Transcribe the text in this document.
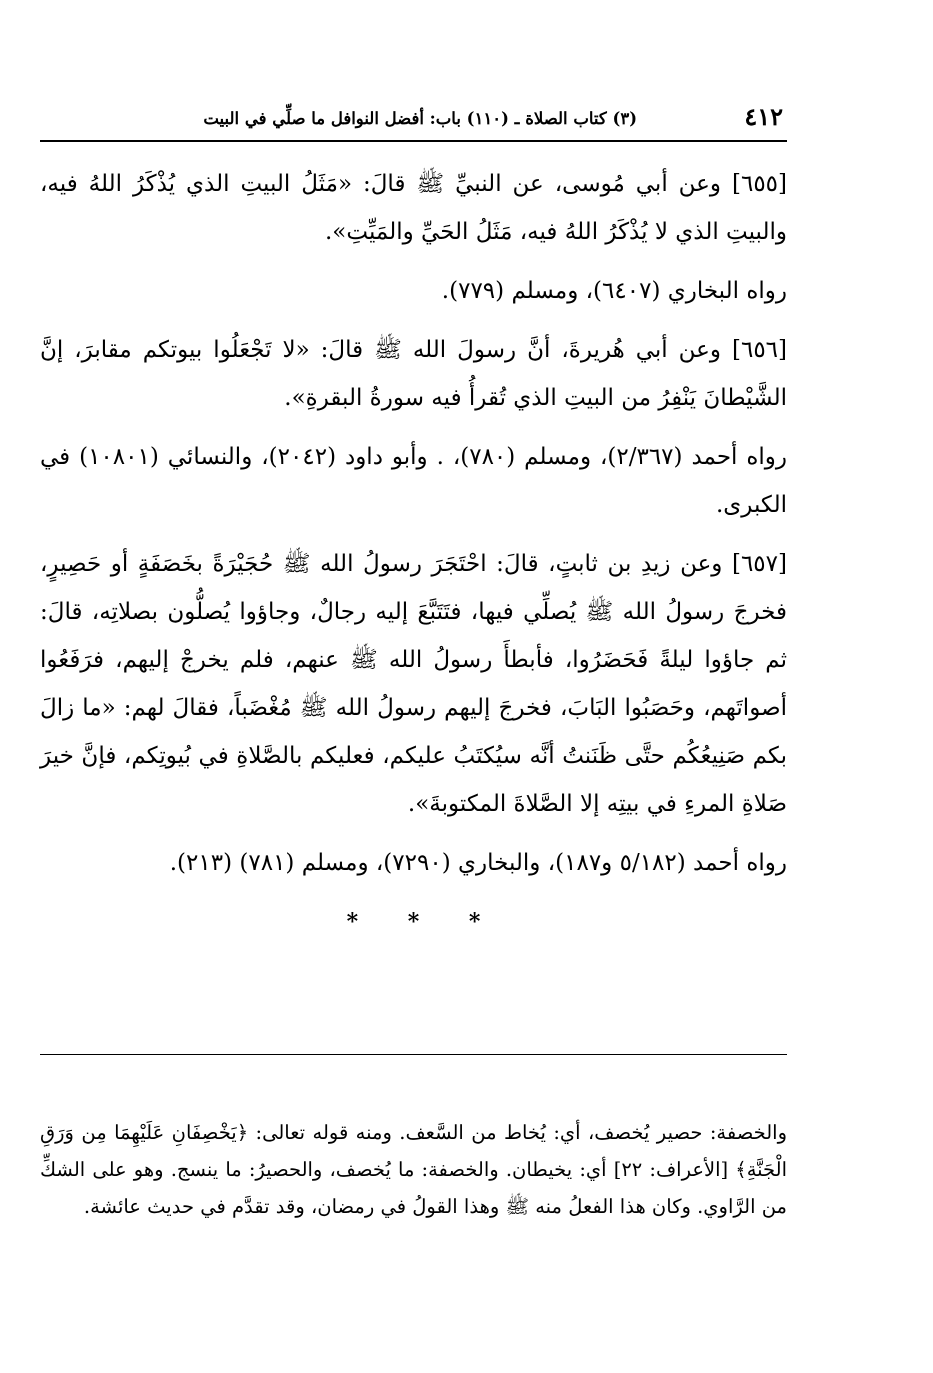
٤١٢
(٣) كتاب الصلاة ـ (١١٠) باب: أفضل النوافل ما صلِّي في البيت

[٦٥٥] وعن أبي مُوسى، عن النبيِّ ﷺ قالَ: «مَثَلُ البيتِ الذي يُذْكَرُ اللهُ فيه، والبيتِ الذي لا يُذْكَرُ اللهُ فيه، مَثَلُ الحَيِّ والمَيِّتِ».

رواه البخاري (٦٤٠٧)، ومسلم (٧٧٩).

[٦٥٦] وعن أبي هُريرةَ، أنَّ رسولَ الله ﷺ قالَ: «لا تَجْعَلُوا بيوتكم مقابرَ، إنَّ الشَّيْطانَ يَنْفِرُ من البيتِ الذي تُقرأُ فيه سورةُ البقرةِ».

رواه أحمد (٢/٣٦٧)، ومسلم (٧٨٠)، . وأبو داود (٢٠٤٢)، والنسائي (١٠٨٠١) في الكبرى.

[٦٥٧] وعن زيدِ بن ثابتٍ، قالَ: احْتَجَرَ رسولُ الله ﷺ حُجَيْرَةً بخَصَفَةٍ أو حَصِيرٍ، فخرجَ رسولُ الله ﷺ يُصلِّي فيها، فتَتَبَّعَ إليه رجالٌ، وجاؤوا يُصلُّون بصلاتِه، قالَ: ثم جاؤوا ليلةً فَحَضَرُوا، فأبطأَ رسولُ الله ﷺ عنهم، فلم يخرجْ إليهم، فرَفَعُوا أصواتَهم، وحَصَبُوا البَابَ، فخرجَ إليهم رسولُ الله ﷺ مُغْضَباً، فقالَ لهم: «ما زالَ بكم صَنِيعُكُم حتَّى ظَنَنتُ أنَّه سيُكتَبُ عليكم، فعليكم بالصَّلاةِ في بُيوتِكم، فإنَّ خيرَ صَلاةِ المرءِ في بيتِه إلا الصَّلاةَ المكتوبةَ».

رواه أحمد (٥/١٨٢ و١٨٧)، والبخاري (٧٢٩٠)، ومسلم (٧٨١) (٢١٣).

* * *

والخصفة: حصير يُخصف، أي: يُخاط من السَّعف. ومنه قوله تعالى: ﴿يَخْصِفَانِ عَلَيْهِمَا مِن وَرَقِ الْجَنَّةِ﴾ [الأعراف: ٢٢] أي: يخيطان. والخصفة: ما يُخصف، والحصيرُ: ما ينسج. وهو على الشكِّ من الرَّاوي. وكان هذا الفعلُ منه ﷺ وهذا القولُ في رمضان، وقد تقدَّم في حديث عائشة.
